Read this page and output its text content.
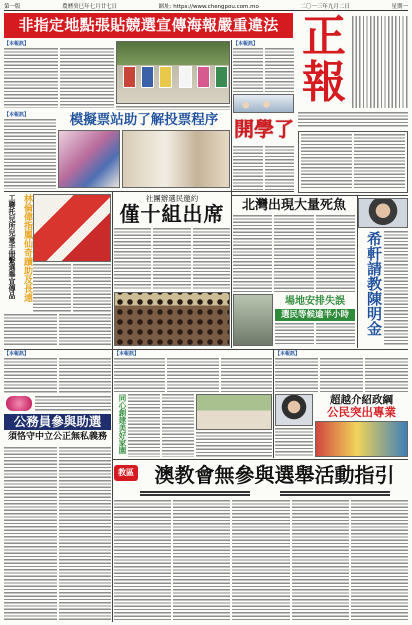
第一版	農曆癸巳年七月廿七日	網址: https://www.chengpou.com.mo	二〇一三年九月二日	星期一
非指定地點張貼競選宣傳海報嚴重違法 正
報
【本報訊】	【本報訊】
開學了
【本報訊】	模擬票站助了解投票程序
工聯托兒所兒童手冊繫選舉宣傳品 林倫偉指鳳仙奇蹟助及長遠	社團辦選民邀約
僅十組出席	北灣出現大量死魚
場地安排失誤
選民等候逾半小時	希軒請教陳明金
【本報訊】
公務員參與助選
須恪守中立公正無私義務
【本報訊】
同心創建美好家園
【本報訊】
超越介紹政綱
公民突出專業
教區	澳教會無參與選舉活動指引
